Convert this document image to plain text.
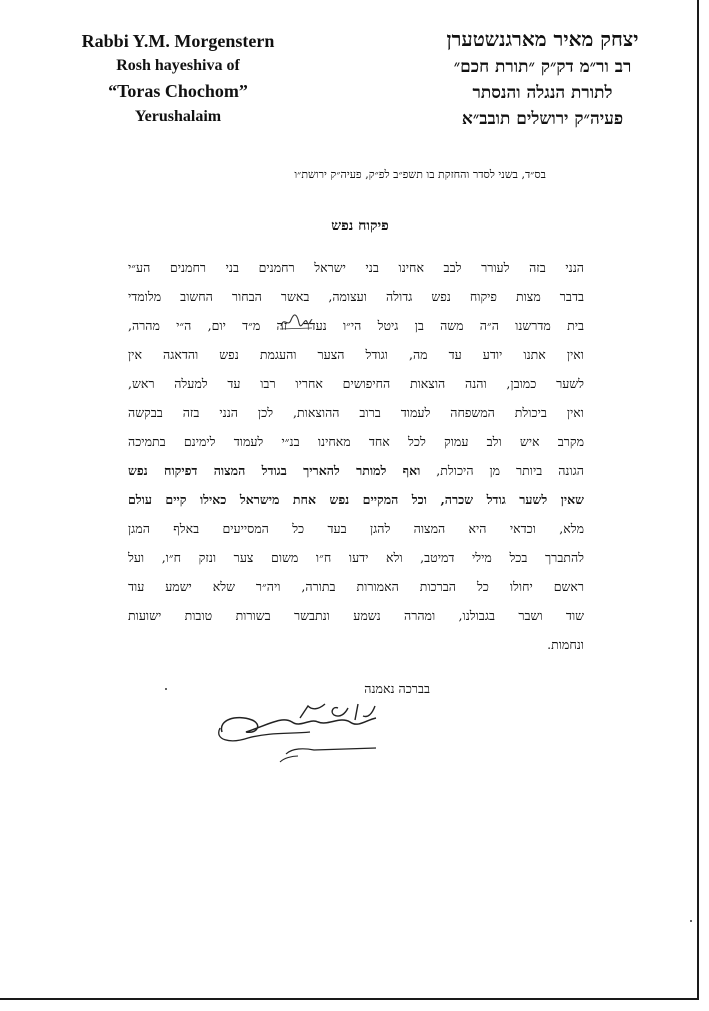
Rabbi Y.M. Morgenstern
Rosh hayeshiva of
“Toras Chochom”
Yerushalaim
יצחק מאיר מארגנשטערן
רב ור״מ דק״ק ״תורת חכם״
לתורת הנגלה והנסתר
פעיה״ק ירושלים תובב״א
בס״ד, בשני לסדר והחזקת בו תשפ״ב לפ״ק, פעיה״ק ירושת״ו
פיקוח נפש
הנני בזה לעורר לבב אחינו בני ישראל רחמנים בני רחמנים הע״י
בדבר מצות פיקוח נפש גדולה ועצומה, באשר הבחור החשוב מלומדי
בית מדרשנו ה״ה משה בן גיטל הי״ו נעדר זה מ״ד יום, ה״י מהרה,
ואין אתנו יודע עד מה, וגודל הצער והעגמת נפש והדאגה אין
לשער כמובן, והנה הוצאות החיפושים אחריו רבו עד למעלה ראש,
ואין ביכולת המשפחה לעמוד ברוב ההוצאות, לכן הנני בזה בבקשה
מקרב איש ולב עמוק לכל אחד מאחינו בנ״י לעמוד לימינם בתמיכה
הגונה ביותר מן היכולת, ואף למותר להאריך בגודל המצוה דפיקוח נפש
שאין לשער גודל שכרה, וכל המקיים נפש אחת מישראל כאילו קיים עולם
מלא, וכדאי היא המצוה להגן בעד כל המסייעים באלף המגן
להתברך בכל מילי דמיטב, ולא ידעו ח״ו משום צער ונזק ח״ו, ועל
ראשם יחולו כל הברכות האמורות בתורה, ויה״ר שלא ישמע עוד
שוד ושבר בגבולנו, ומהרה נשמע ונתבשר בשורות טובות ישועות
ונחמות.
בברכה נאמנה
